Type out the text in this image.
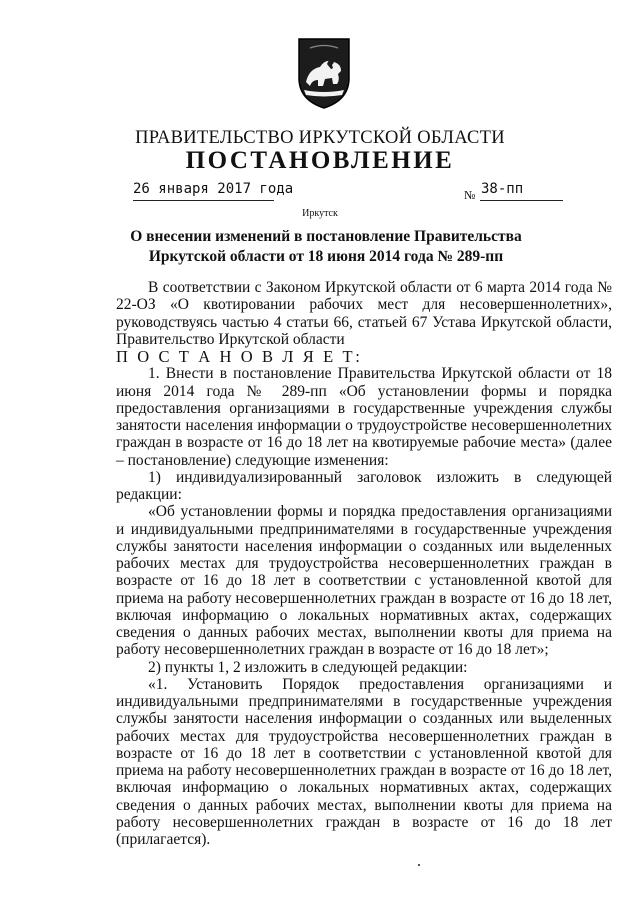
ПРАВИТЕЛЬСТВО ИРКУТСКОЙ ОБЛАСТИ
ПОСТАНОВЛЕНИЕ
26 января 2017 года	№ 38-пп
Иркутск
О внесении изменений в постановление Правительства Иркутской области от 18 июня 2014 года № 289-пп

В соответствии с Законом Иркутской области от 6 марта 2014 года № 22-ОЗ «О квотировании рабочих мест для несовершеннолетних», руководствуясь частью 4 статьи 66, статьей 67 Устава Иркутской области, Правительство Иркутской области

П О С Т А Н О В Л Я Е Т:

1. Внести в постановление Правительства Иркутской области от 18 июня 2014 года № 289-пп «Об установлении формы и порядка предоставления организациями в государственные учреждения службы занятости населения информации о трудоустройстве несовершеннолетних граждан в возрасте от 16 до 18 лет на квотируемые рабочие места» (далее – постановление) следующие изменения:

1) индивидуализированный заголовок изложить в следующей редакции:

«Об установлении формы и порядка предоставления организациями и индивидуальными предпринимателями в государственные учреждения службы занятости населения информации о созданных или выделенных рабочих местах для трудоустройства несовершеннолетних граждан в возрасте от 16 до 18 лет в соответствии с установленной квотой для приема на работу несовершеннолетних граждан в возрасте от 16 до 18 лет, включая информацию о локальных нормативных актах, содержащих сведения о данных рабочих местах, выполнении квоты для приема на работу несовершеннолетних граждан в возрасте от 16 до 18 лет»;

2) пункты 1, 2 изложить в следующей редакции:

«1. Установить Порядок предоставления организациями и индивидуальными предпринимателями в государственные учреждения службы занятости населения информации о созданных или выделенных рабочих местах для трудоустройства несовершеннолетних граждан в возрасте от 16 до 18 лет в соответствии с установленной квотой для приема на работу несовершеннолетних граждан в возрасте от 16 до 18 лет, включая информацию о локальных нормативных актах, содержащих сведения о данных рабочих местах, выполнении квоты для приема на работу несовершеннолетних граждан в возрасте от 16 до 18 лет (прилагается).
